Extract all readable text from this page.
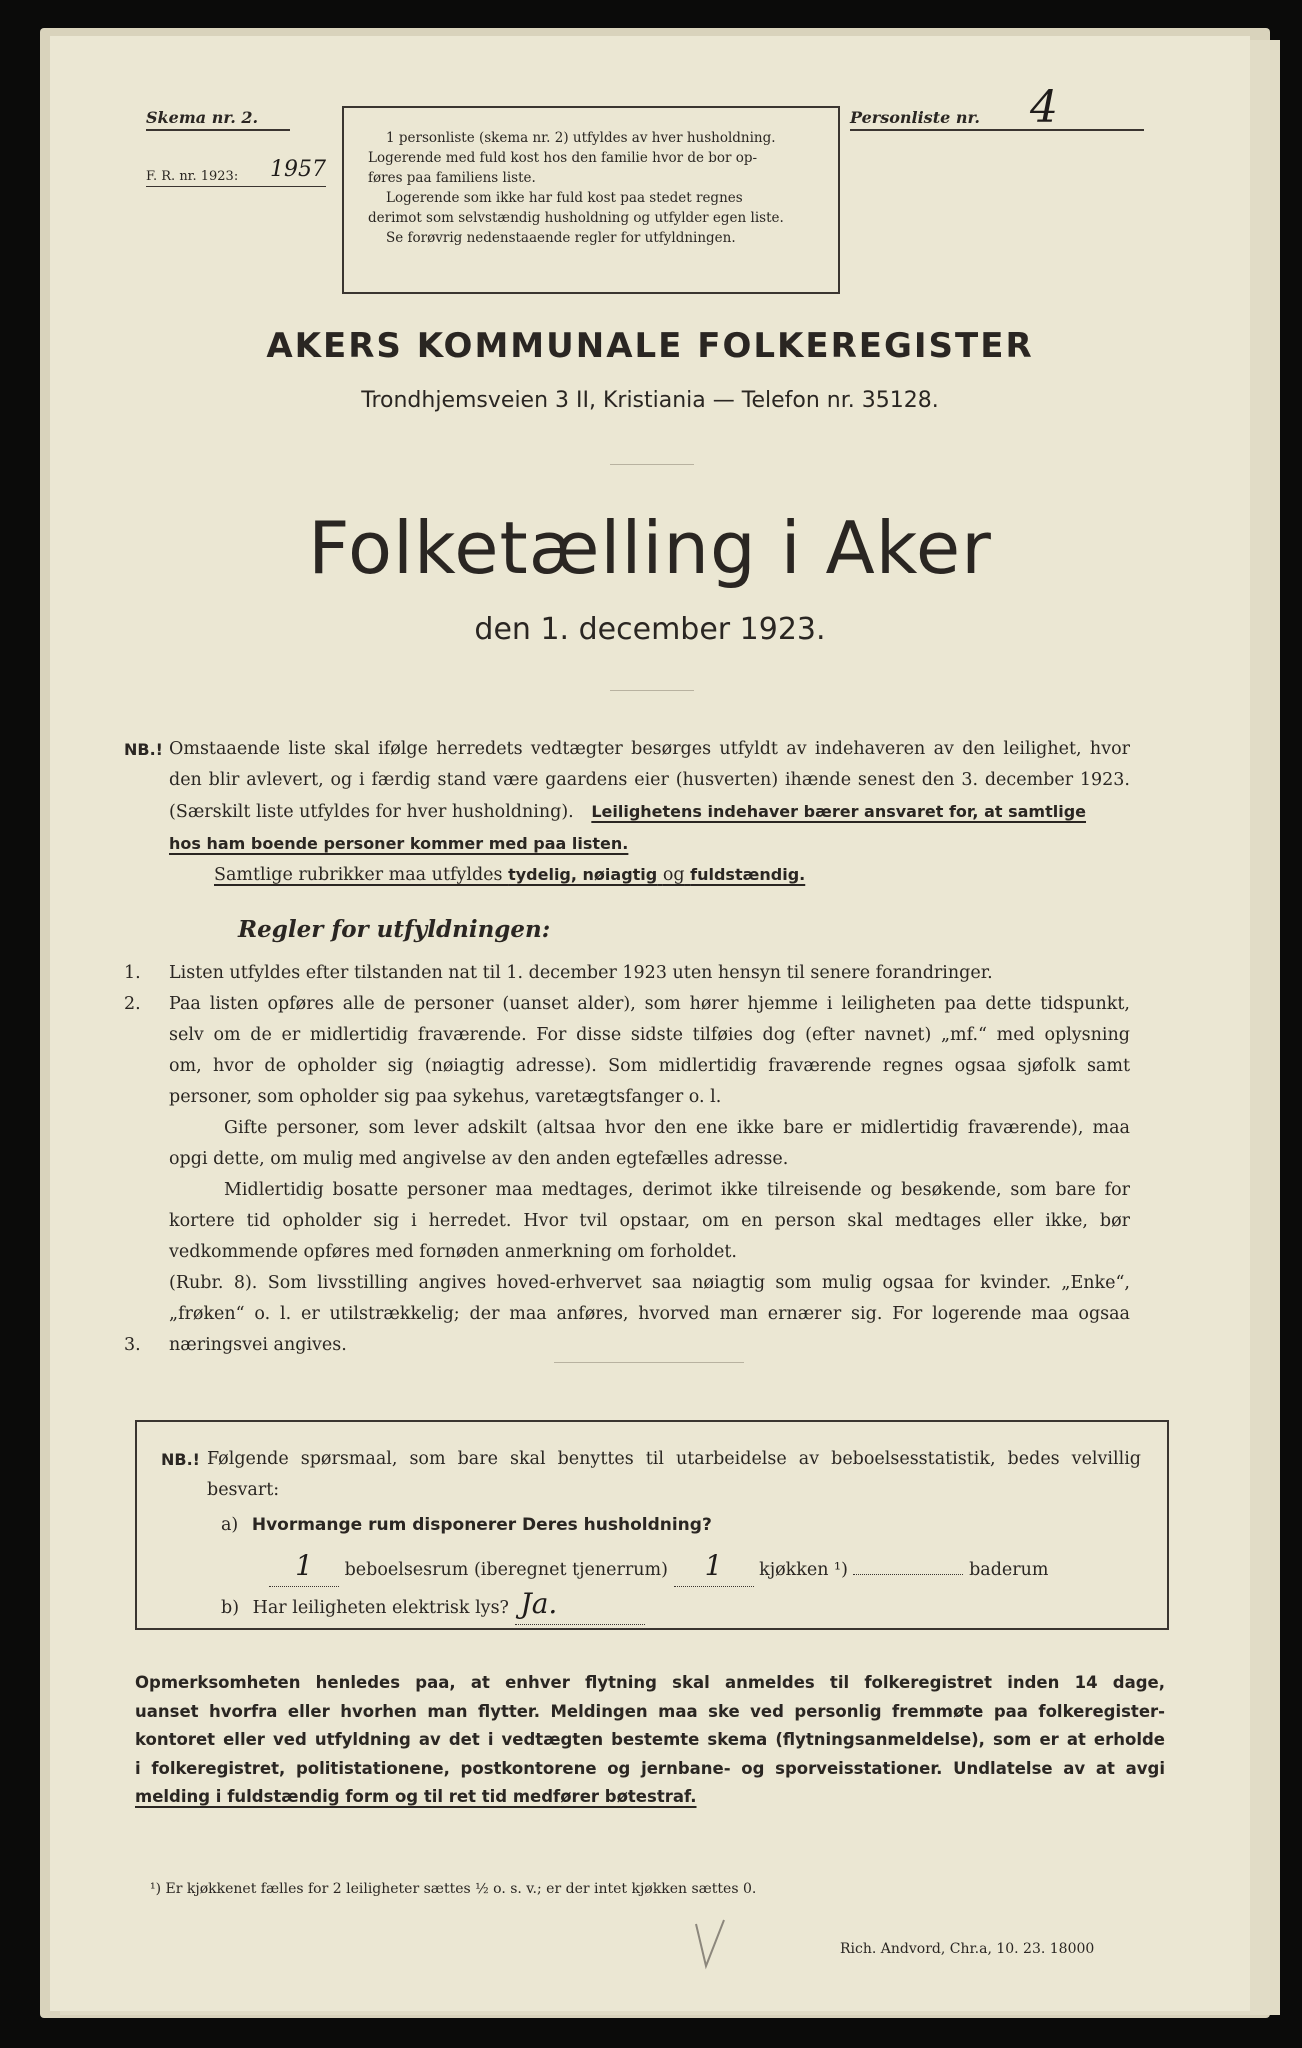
Skema nr. 2.	Personliste nr. 4
F. R. nr. 1923: 1957
1 personliste (skema nr. 2) utfyldes av hver husholdning.
Logerende med fuld kost hos den familie hvor de bor op-
føres paa familiens liste.
Logerende som ikke har fuld kost paa stedet regnes
derimot som selvstændig husholdning og utfylder egen liste.
Se forøvrig nedenstaaende regler for utfyldningen.
AKERS KOMMUNALE FOLKEREGISTER
Trondhjemsveien 3 II, Kristiania — Telefon nr. 35128.
Folketælling i Aker
den 1. december 1923.
NB.! Omstaaende liste skal ifølge herredets vedtægter besørges utfyldt av indehaveren av den leilighet, hvor
den blir avlevert, og i færdig stand være gaardens eier (husverten) ihænde senest den 3. december 1923.
(Særskilt liste utfyldes for hver husholdning). Leilighetens indehaver bærer ansvaret for, at samtlige
hos ham boende personer kommer med paa listen.
Samtlige rubrikker maa utfyldes tydelig, nøiagtig og fuldstændig.
Regler for utfyldningen:
1. Listen utfyldes efter tilstanden nat til 1. december 1923 uten hensyn til senere forandringer.
2. Paa listen opføres alle de personer (uanset alder), som hører hjemme i leiligheten paa dette tidspunkt,
selv om de er midlertidig fraværende. For disse sidste tilføies dog (efter navnet) „mf.“ med oplysning
om, hvor de opholder sig (nøiagtig adresse). Som midlertidig fraværende regnes ogsaa sjøfolk samt
personer, som opholder sig paa sykehus, varetægtsfanger o. l.
Gifte personer, som lever adskilt (altsaa hvor den ene ikke bare er midlertidig fraværende), maa
opgi dette, om mulig med angivelse av den anden egtefælles adresse.
Midlertidig bosatte personer maa medtages, derimot ikke tilreisende og besøkende, som bare for
kortere tid opholder sig i herredet. Hvor tvil opstaar, om en person skal medtages eller ikke, bør
vedkommende opføres med fornøden anmerkning om forholdet.
3.
(Rubr. 8). Som livsstilling angives hoved-erhvervet saa nøiagtig som mulig ogsaa for kvinder. „Enke“,
„frøken“ o. l. er utilstrækkelig; der maa anføres, hvorved man ernærer sig. For logerende maa ogsaa
næringsvei angives.
NB.! Følgende spørsmaal, som bare skal benyttes til utarbeidelse av beboelsesstatistik, bedes velvillig
besvart:
a) Hvormange rum disponerer Deres husholdning?
1 beboelsesrum (iberegnet tjenerrum) 1 kjøkken ¹)	baderum
b) Har leiligheten elektrisk lys? Ja.
Opmerksomheten henledes paa, at enhver flytning skal anmeldes til folkeregistret inden 14 dage,
uanset hvorfra eller hvorhen man flytter. Meldingen maa ske ved personlig fremmøte paa folkeregister-
kontoret eller ved utfyldning av det i vedtægten bestemte skema (flytningsanmeldelse), som er at erholde
i folkeregistret, politistationene, postkontorene og jernbane- og sporveisstationer. Undlatelse av at avgi
melding i fuldstændig form og til ret tid medfører bøtestraf.
¹) Er kjøkkenet fælles for 2 leiligheter sættes ½ o. s. v.; er der intet kjøkken sættes 0.
Rich. Andvord, Chr.a, 10. 23. 18000
